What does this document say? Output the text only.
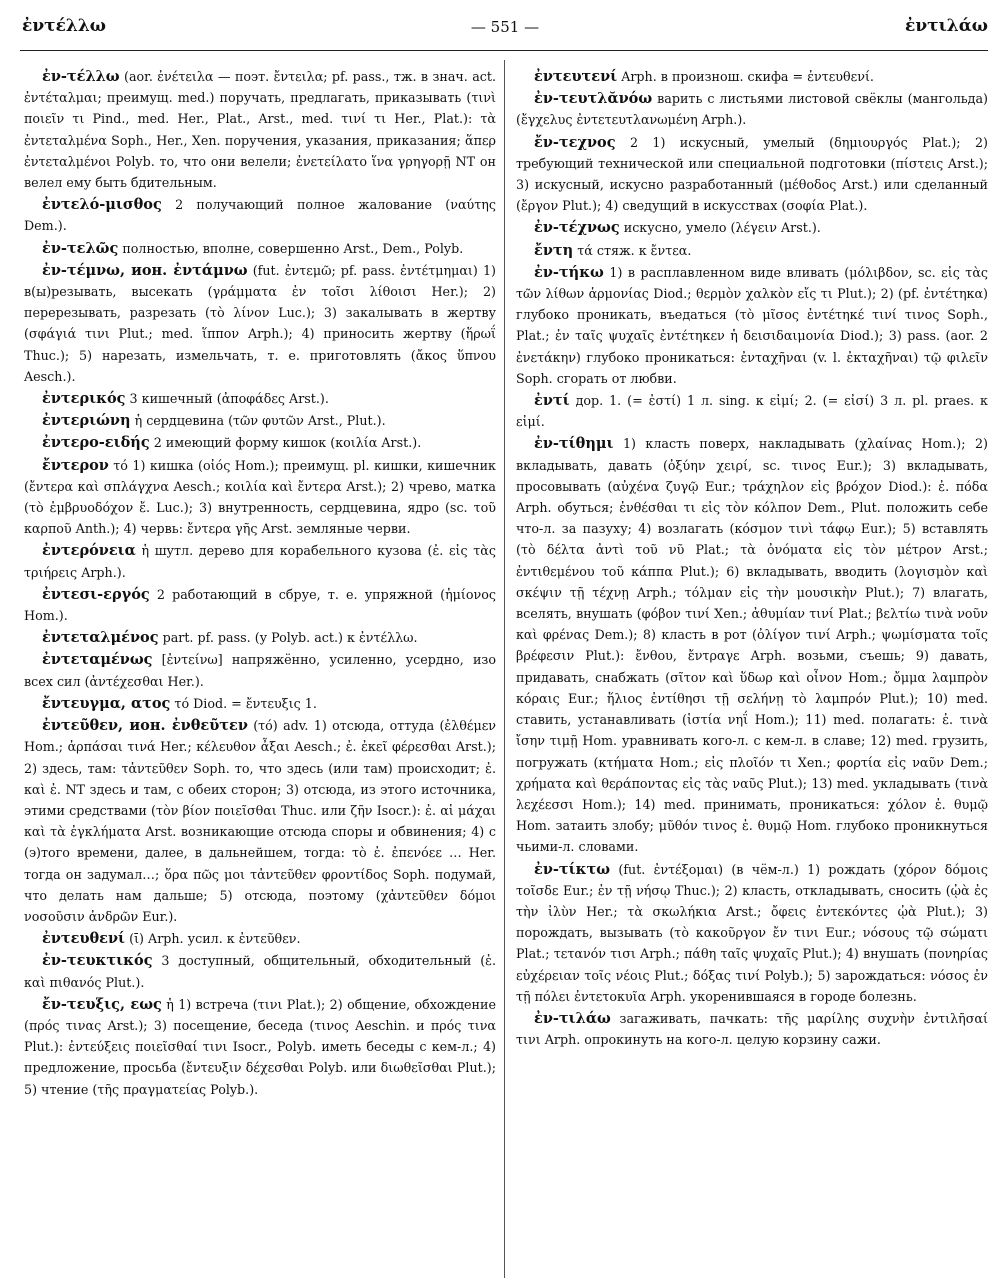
ἐντέλλω	— 551 —	ἐντιλάω

ἐν-τέλλω (aor. ἐνέτειλα — поэт. ἔντειλα; pf. pass., тж. в знач. act. ἐντέταλμαι; преимущ. med.) поручать, предлагать, приказывать (τινὶ ποιεῖν τι Pind., med. Her., Plat., Arst., med. τινί τι Her., Plat.): τὰ ἐντεταλμένα Soph., Her., Xen. поручения, указания, приказания; ἅπερ ἐντεταλμένοι Polyb. то, что они велели; ἐνετείλατο ἵνα γρηγορῇ NT он велел ему быть бдительным.

ἐντελό-μισθος 2 получающий полное жалование (ναύτης Dem.).

ἐν-τελῶς полностью, вполне, совершенно Arst., Dem., Polyb.

ἐν-τέμνω, ион. ἐντάμνω (fut. ἐντεμῶ; pf. pass. ἐντέτμημαι) 1) в(ы)резывать, высекать (γράμματα ἐν τοῖσι λίθοισι Her.); 2) перерезывать, разрезать (τὸ λίνον Luc.); 3) закалывать в жертву (σφάγιά τινι Plut.; med. ἵππον Arph.); 4) приносить жертву (ἥρωΐ Thuc.); 5) нарезать, измельчать, т. е. приготовлять (ἄκος ὕπνου Aesch.).

ἐντερικός 3 кишечный (ἀποφάδες Arst.).

ἐντεριώνη ἡ сердцевина (τῶν φυτῶν Arst., Plut.).

ἐντερο-ειδής 2 имеющий форму кишок (κοιλία Arst.).

ἔντερον τό 1) кишка (οἰός Hom.); преимущ. pl. кишки, кишечник (ἔντερα καὶ σπλάγχνα Aesch.; κοιλία καὶ ἔντερα Arst.); 2) чрево, матка (τὸ ἐμβρυοδόχον ἔ. Luc.); 3) внутренность, сердцевина, ядро (sc. τοῦ καρποῦ Anth.); 4) червь: ἔντερα γῆς Arst. земляные черви.

ἐντερόνεια ἡ шутл. дерево для корабельного кузова (ἐ. εἰς τὰς τριήρεις Arph.).

ἐντεσι-εργός 2 работающий в сбруе, т. е. упряжной (ἡμίονος Hom.).

ἐντεταλμένος part. pf. pass. (у Polyb. act.) к ἐντέλλω.

ἐντεταμένως [ἐντείνω] напряжённо, усиленно, усердно, изо всех сил (ἀντέχεσθαι Her.).

ἔντευγμα, ατος τό Diod. = ἔντευξις 1.

ἐντεῦθεν, ион. ἐνθεῦτεν (τό) adv. 1) отсюда, оттуда (ἐλθέμεν Hom.; ἁρπάσαι τινά Her.; κέλευθον ἆξαι Aesch.; ἐ. ἐκεῖ φέρεσθαι Arst.); 2) здесь, там: τἀντεῦθεν Soph. то, что здесь (или там) происходит; ἐ. καὶ ἐ. NT здесь и там, с обеих сторон; 3) отсюда, из этого источника, этими средствами (τὸν βίον ποιεῖσθαι Thuc. или ζῆν Isocr.): ἐ. αἱ μάχαι καὶ τὰ ἐγκλήματα Arst. возникающие отсюда споры и обвинения; 4) с (э)того времени, далее, в дальнейшем, тогда: τὸ ἐ. ἐπενόεε … Her. тогда он задумал…; ὅρα πῶς μοι τἀντεῦθεν φροντίδος Soph. подумай, что делать нам дальше; 5) отсюда, поэтому (χἀντεῦθεν δόμοι νοσοῦσιν ἀνδρῶν Eur.).

ἐντευθενί (ῑ) Arph. усил. к ἐντεῦθεν.

ἐν-τευκτικός 3 доступный, общительный, обходительный (ἐ. καὶ πιθανός Plut.).

ἔν-τευξις, εως ἡ 1) встреча (τινι Plat.); 2) общение, обхождение (πρός τινας Arst.); 3) посещение, беседа (τινος Aeschin. и πρός τινα Plut.): ἐντεύξεις ποιεῖσθαί τινι Isocr., Polyb. иметь беседы с кем-л.; 4) предложение, просьба (ἔντευξιν δέχεσθαι Polyb. или διωθεῖσθαι Plut.); 5) чтение (τῆς πραγματείας Polyb.).

ἐντευτενί Arph. в произнош. скифа = ἐντευθενί.

ἐν-τευτλᾰνόω варить с листьями листовой свёклы (мангольда) (ἔγχελυς ἐντετευτλανωμένη Arph.).

ἔν-τεχνος 2 1) искусный, умелый (δημιουργός Plat.); 2) требующий технической или специальной подготовки (πίστεις Arst.); 3) искусный, искусно разработанный (μέθοδος Arst.) или сделанный (ἔργον Plut.); 4) сведущий в искусствах (σοφία Plat.).

ἐν-τέχνως искусно, умело (λέγειν Arst.).

ἔντη τά стяж. к ἔντεα.

ἐν-τήκω 1) в расплавленном виде вливать (μόλιβδον, sc. εἰς τὰς τῶν λίθων ἁρμονίας Diod.; θερμὸν χαλκὸν εἴς τι Plut.); 2) (pf. ἐντέτηκα) глубоко проникать, въедаться (τὸ μῖσος ἐντέτηκέ τινί τινος Soph., Plat.; ἐν ταῖς ψυχαῖς ἐντέτηκεν ἡ δεισιδαιμονία Diod.); 3) pass. (aor. 2 ἐνετάκην) глубоко проникаться: ἐνταχῆναι (v. l. ἐκταχῆναι) τῷ φιλεῖν Soph. сгорать от любви.

ἐντί дор. 1. (= ἐστί) 1 л. sing. к εἰμί; 2. (= εἰσί) 3 л. pl. praes. к εἰμί.

ἐν-τίθημι 1) класть поверх, накладывать (χλαίνας Hom.); 2) вкладывать, давать (ὀξύην χειρί, sc. τινος Eur.); 3) вкладывать, просовывать (αὐχένα ζυγῷ Eur.; τράχηλον εἰς βρόχον Diod.): ἐ. πόδα Arph. обуться; ἐνθέσθαι τι εἰς τὸν κόλπον Dem., Plut. положить себе что-л. за пазуху; 4) возлагать (κόσμον τινὶ τάφῳ Eur.); 5) вставлять (τὸ δέλτα ἀντὶ τοῦ νῦ Plat.; τὰ ὀνόματα εἰς τὸν μέτρον Arst.; ἐντιθεμένου τοῦ κάππα Plut.); 6) вкладывать, вводить (λογισμὸν καὶ σκέψιν τῇ τέχνῃ Arph.; τόλμαν εἰς τὴν μουσικὴν Plut.); 7) влагать, вселять, внушать (φόβον τινί Xen.; ἀθυμίαν τινί Plat.; βελτίω τινὰ νοῦν καὶ φρένας Dem.); 8) класть в рот (ὀλίγον τινί Arph.; ψωμίσματα τοῖς βρέφεσιν Plut.): ἔνθου, ἔντραγε Arph. возьми, съешь; 9) давать, придавать, снабжать (σῖτον καὶ ὕδωρ καὶ οἶνον Hom.; ὄμμα λαμπρὸν κόραις Eur.; ἥλιος ἐντίθησι τῇ σελήνῃ τὸ λαμπρόν Plut.); 10) med. ставить, устанавливать (ἱστία νηΐ Hom.); 11) med. полагать: ἐ. τινὰ ἴσην τιμῇ Hom. уравнивать кого-л. с кем-л. в славе; 12) med. грузить, погружать (κτήματα Hom.; εἰς πλοῖόν τι Xen.; φορτία εἰς ναῦν Dem.; χρήματα καὶ θεράποντας εἰς τὰς ναῦς Plut.); 13) med. укладывать (τινὰ λεχέεσσι Hom.); 14) med. принимать, проникаться: χόλον ἐ. θυμῷ Hom. затаить злобу; μῦθόν τινος ἐ. θυμῷ Hom. глубоко проникнуться чьими-л. словами.

ἐν-τίκτω (fut. ἐντέξομαι) (в чём-л.) 1) рождать (χόρον δόμοις τοῖσδε Eur.; ἐν τῇ νήσῳ Thuc.); 2) класть, откладывать, сносить (ᾠὰ ἐς τὴν ἰλὺν Her.; τὰ σκωλήκια Arst.; ὄφεις ἐντεκόντες ᾠὰ Plut.); 3) порождать, вызывать (τὸ κακοῦργον ἔν τινι Eur.; νόσους τῷ σώματι Plat.; τετανόν τισι Arph.; πάθη ταῖς ψυχαῖς Plut.); 4) внушать (πονηρίας εὐχέρειαν τοῖς νέοις Plut.; δόξας τινί Polyb.); 5) зарождаться: νόσος ἐν τῇ πόλει ἐντετοκυῖα Arph. укоренившаяся в городе болезнь.

ἐν-τιλάω загаживать, пачкать: τῆς μαρίλης συχνὴν ἐντιλῆσαί τινι Arph. опрокинуть на кого-л. целую корзину сажи.
